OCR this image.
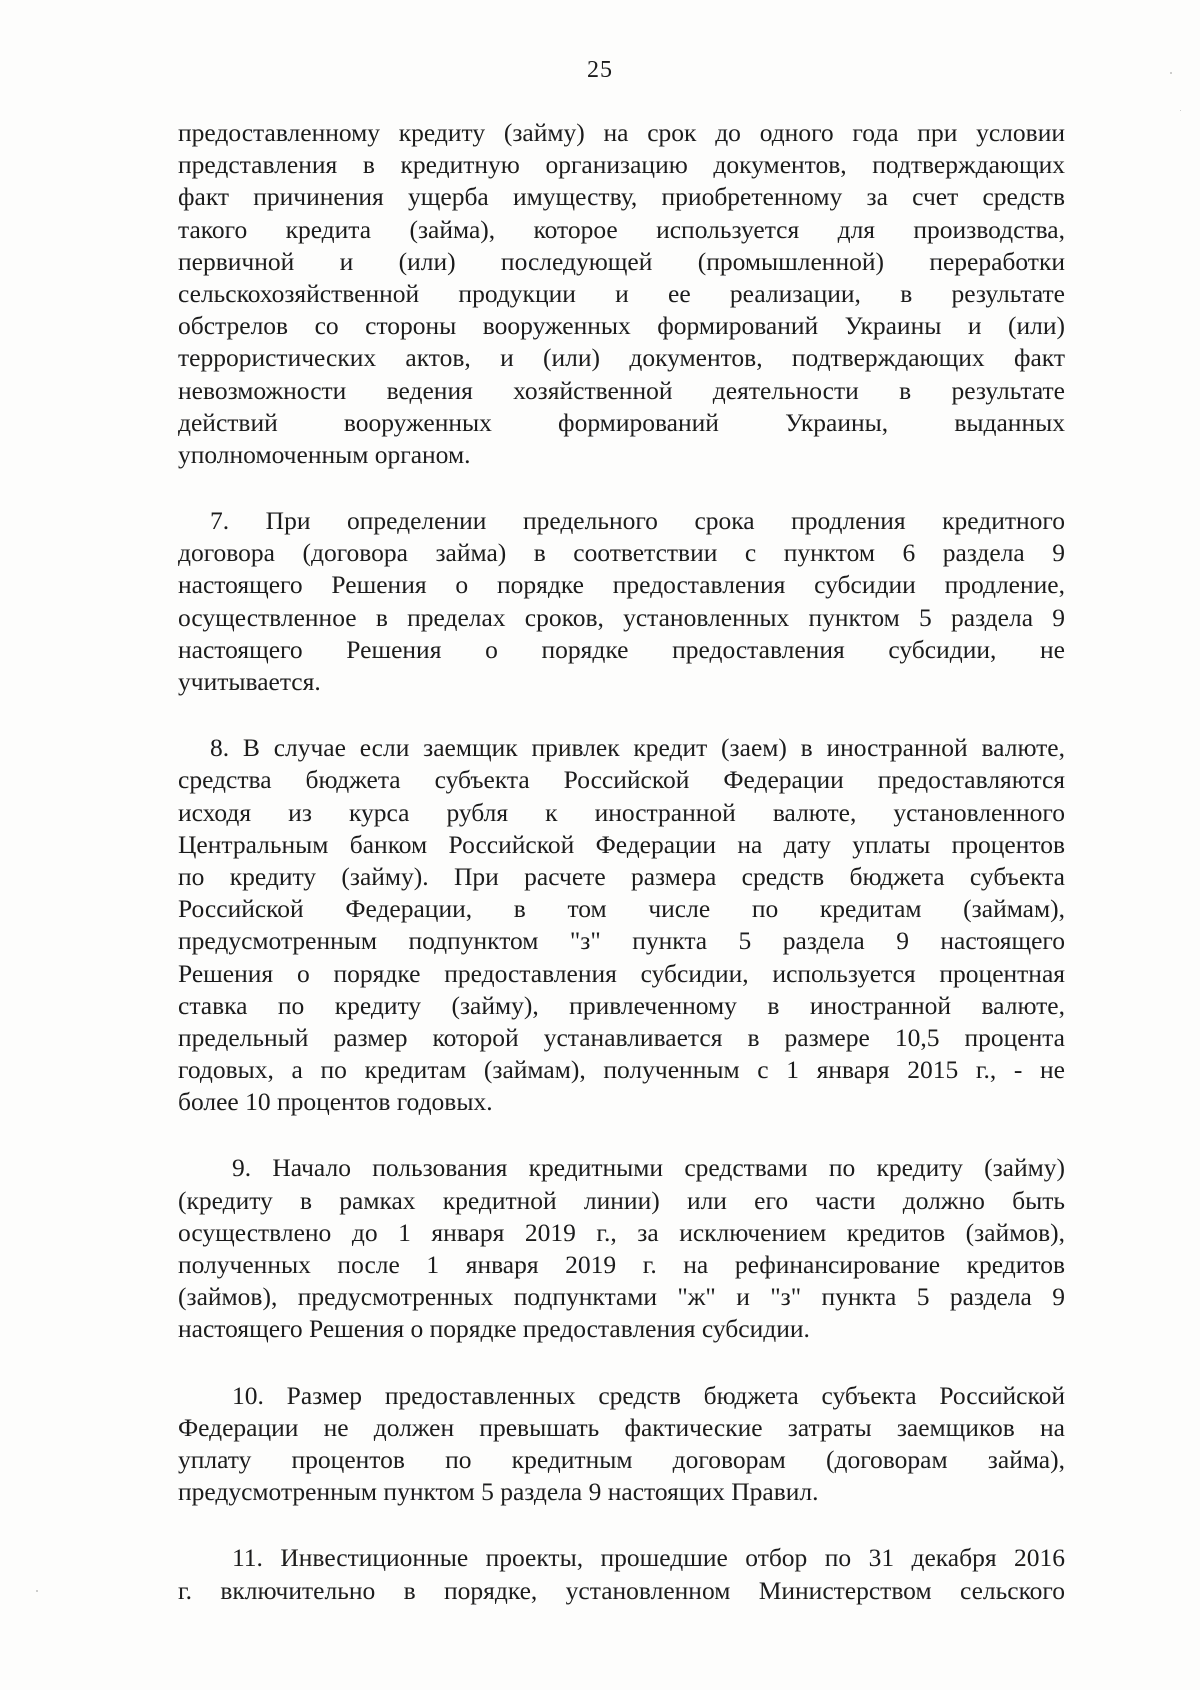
25
предоставленному кредиту (займу) на срок до одного года при условии
представления в кредитную организацию документов, подтверждающих
факт причинения ущерба имуществу, приобретенному за счет средств
такого кредита (займа), которое используется для производства,
первичной и (или) последующей (промышленной) переработки
сельскохозяйственной продукции и ее реализации, в результате
обстрелов со стороны вооруженных формирований Украины и (или)
террористических актов, и (или) документов, подтверждающих факт
невозможности ведения хозяйственной деятельности в результате
действий вооруженных формирований Украины, выданных
уполномоченным органом.
7. При определении предельного срока продления кредитного
договора (договора займа) в соответствии с пунктом 6 раздела 9
настоящего Решения о порядке предоставления субсидии продление,
осуществленное в пределах сроков, установленных пунктом 5 раздела 9
настоящего Решения о порядке предоставления субсидии, не
учитывается.
8. В случае если заемщик привлек кредит (заем) в иностранной валюте,
средства бюджета субъекта Российской Федерации предоставляются
исходя из курса рубля к иностранной валюте, установленного
Центральным банком Российской Федерации на дату уплаты процентов
по кредиту (займу). При расчете размера средств бюджета субъекта
Российской Федерации, в том числе по кредитам (займам),
предусмотренным подпунктом "з" пункта 5 раздела 9 настоящего
Решения о порядке предоставления субсидии, используется процентная
ставка по кредиту (займу), привлеченному в иностранной валюте,
предельный размер которой устанавливается в размере 10,5 процента
годовых, а по кредитам (займам), полученным с 1 января 2015 г., - не
более 10 процентов годовых.
9. Начало пользования кредитными средствами по кредиту (займу)
(кредиту в рамках кредитной линии) или его части должно быть
осуществлено до 1 января 2019 г., за исключением кредитов (займов),
полученных после 1 января 2019 г. на рефинансирование кредитов
(займов), предусмотренных подпунктами "ж" и "з" пункта 5 раздела 9
настоящего Решения о порядке предоставления субсидии.
10. Размер предоставленных средств бюджета субъекта Российской
Федерации не должен превышать фактические затраты заемщиков на
уплату процентов по кредитным договорам (договорам займа),
предусмотренным пунктом 5 раздела 9 настоящих Правил.
11. Инвестиционные проекты, прошедшие отбор по 31 декабря 2016
г. включительно в порядке, установленном Министерством сельского
